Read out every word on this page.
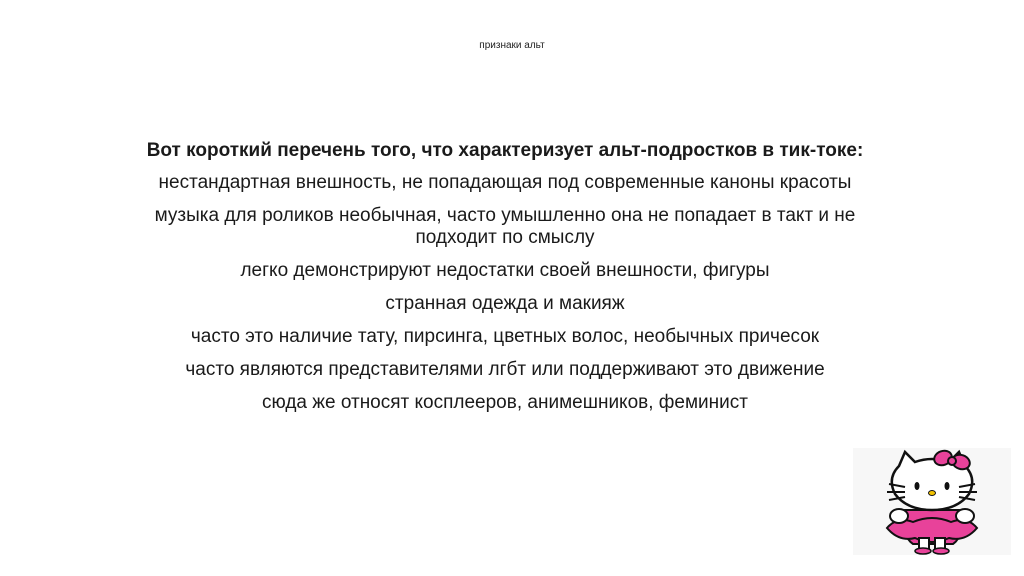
признаки альт

Вот короткий перечень того, что характеризует альт-подростков в тик-токе:

нестандартная внешность, не попадающая под современные каноны красоты

музыка для роликов необычная, часто умышленно она не попадает в такт и не подходит по смыслу

легко демонстрируют недостатки своей внешности, фигуры

странная одежда и макияж

часто это наличие тату, пирсинга, цветных волос, необычных причесок

часто являются представителями лгбт или поддерживают это движение

сюда же относят косплееров, анимешников, феминист
